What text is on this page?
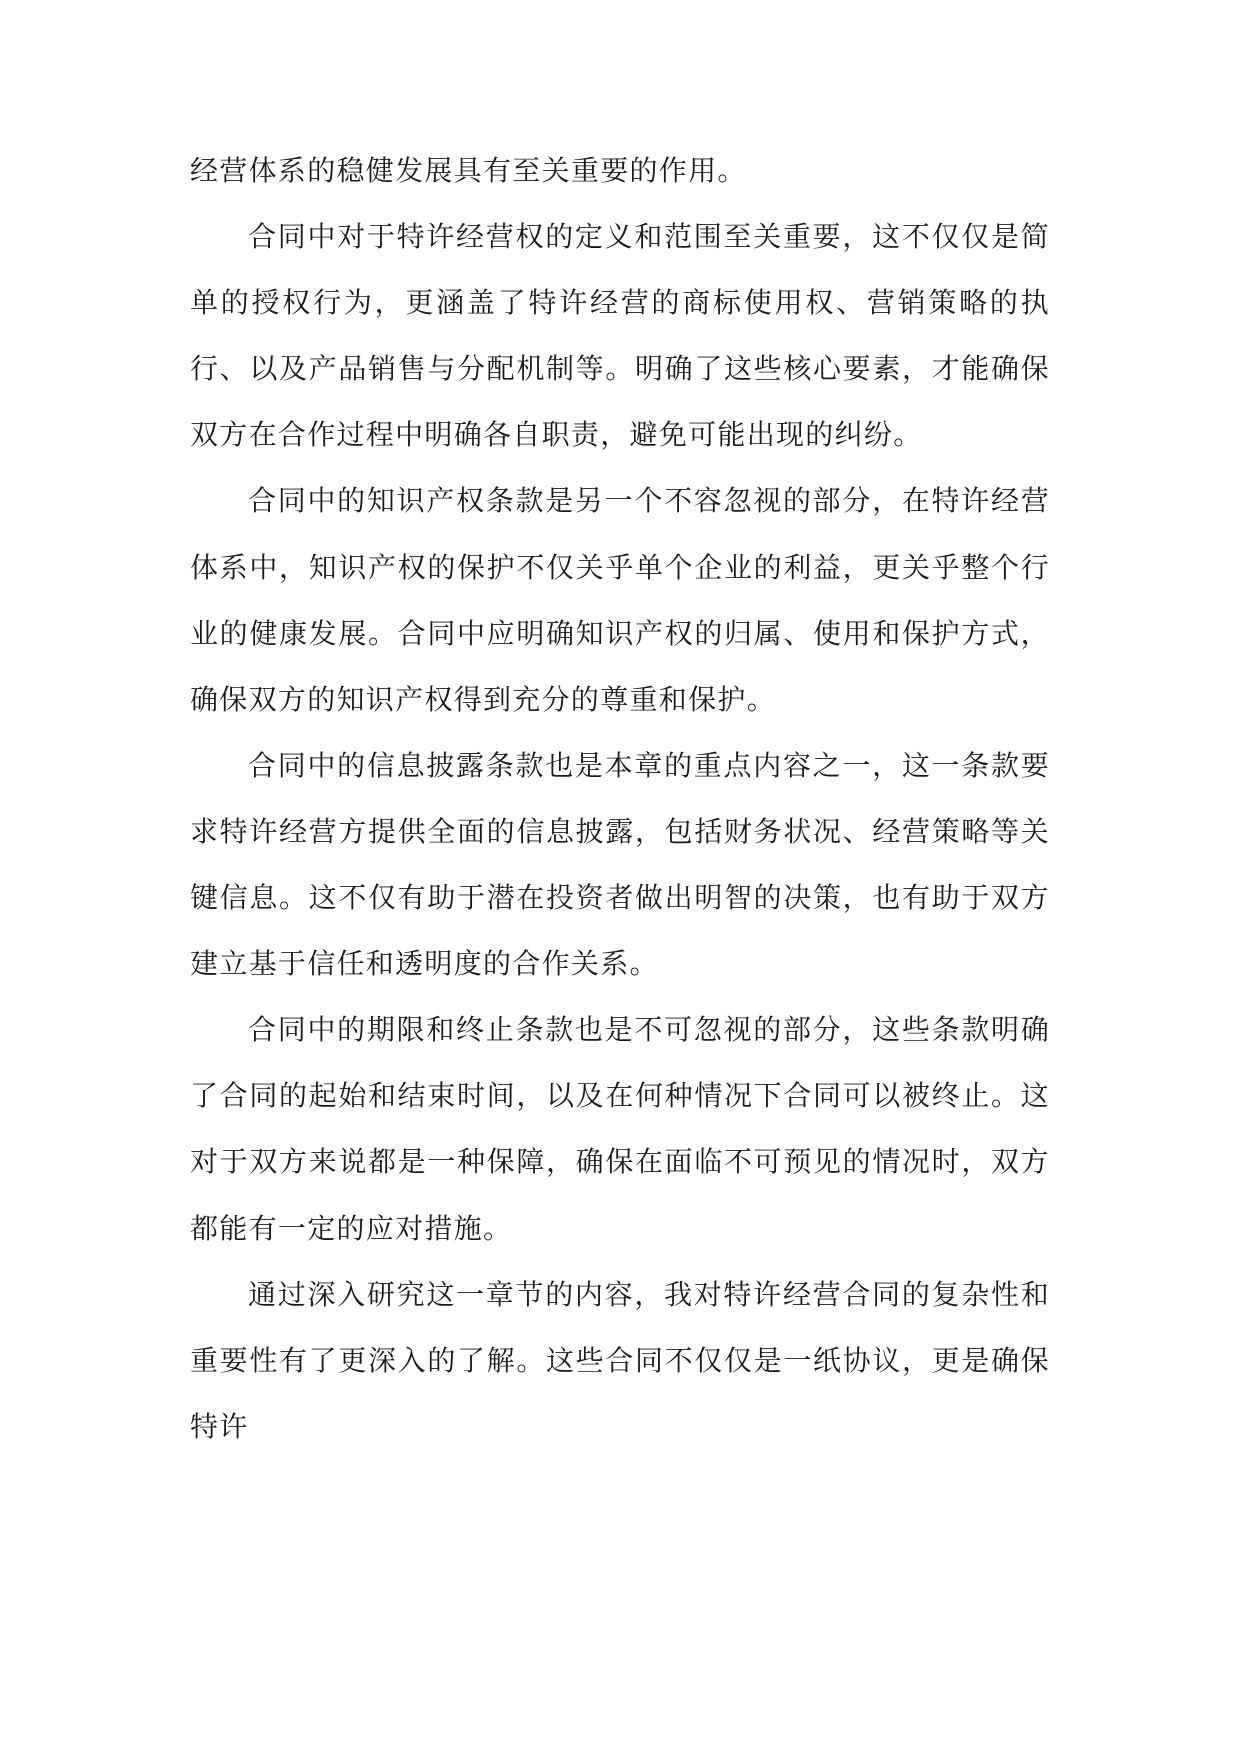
经营体系的稳健发展具有至关重要的作用。

合同中对于特许经营权的定义和范围至关重要，这不仅仅是简单的授权行为，更涵盖了特许经营的商标使用权、营销策略的执行、以及产品销售与分配机制等。明确了这些核心要素，才能确保双方在合作过程中明确各自职责，避免可能出现的纠纷。

合同中的知识产权条款是另一个不容忽视的部分，在特许经营体系中，知识产权的保护不仅关乎单个企业的利益，更关乎整个行业的健康发展。合同中应明确知识产权的归属、使用和保护方式，确保双方的知识产权得到充分的尊重和保护。

合同中的信息披露条款也是本章的重点内容之一，这一条款要求特许经营方提供全面的信息披露，包括财务状况、经营策略等关键信息。这不仅有助于潜在投资者做出明智的决策，也有助于双方建立基于信任和透明度的合作关系。

合同中的期限和终止条款也是不可忽视的部分，这些条款明确了合同的起始和结束时间，以及在何种情况下合同可以被终止。这对于双方来说都是一种保障，确保在面临不可预见的情况时，双方都能有一定的应对措施。

通过深入研究这一章节的内容，我对特许经营合同的复杂性和重要性有了更深入的了解。这些合同不仅仅是一纸协议，更是确保特许
